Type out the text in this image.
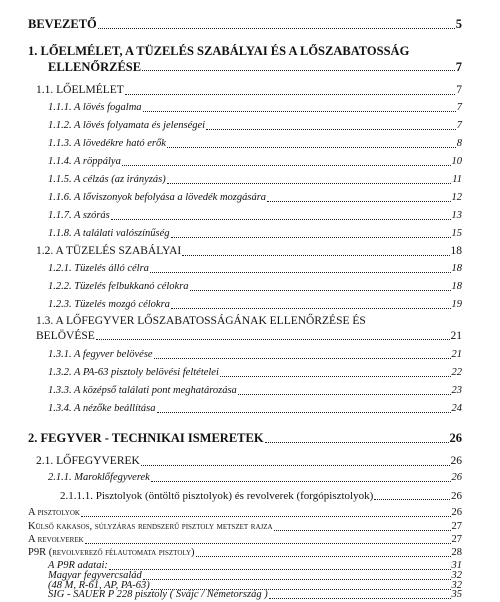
BEVEZETŐ	5
1. LŐELMÉLET, A TÜZELÉS SZABÁLYAI ÉS A LŐSZABATOSSÁG
ELLENŐRZÉSE	7
1.1. LŐELMÉLET	7
1.1.1. A lövés fogalma	7
1.1.2. A lövés folyamata és jelenségei	7
1.1.3. A lövedékre ható erők	8
1.1.4. A röppálya	10
1.1.5. A célzás (az irányzás)	11
1.1.6. A lőviszonyok befolyása a lövedék mozgására	12
1.1.7. A szórás	13
1.1.8. A találati valószínűség	15
1.2. A TÜZELÉS SZABÁLYAI	18
1.2.1. Tüzelés álló célra	18
1.2.2. Tüzelés felbukkanó célokra	18
1.2.3. Tüzelés mozgó célokra	19
1.3. A LŐFEGYVER LŐSZABATOSSÁGÁNAK ELLENŐRZÉSE ÉS
BELÖVÉSE	21
1.3.1. A fegyver belövése	21
1.3.2. A PA-63 pisztoly belövési feltételei	22
1.3.3. A középső találati pont meghatározása	23
1.3.4. A nézőke beállítása	24
2. FEGYVER - TECHNIKAI ISMERETEK	26
2.1. LŐFEGYVEREK	26
2.1.1. Maroklőfegyverek	26
2.1.1.1. Pisztolyok (öntöltő pisztolyok) és revolverek (forgópisztolyok)	26
A pisztolyok	26
Külső kakasos, súlyzáras rendszerű pisztoly metszet rajza	27
A revolverek	27
P9R (revolverező félautomata pisztoly)	28
A P9R adatai:	31
Magyar fegyvercsalád	32
(48 M, R-61, AP, PA-63)	32
SIG - SAUER P 228 pisztoly ( Svájc / Németország )	35
